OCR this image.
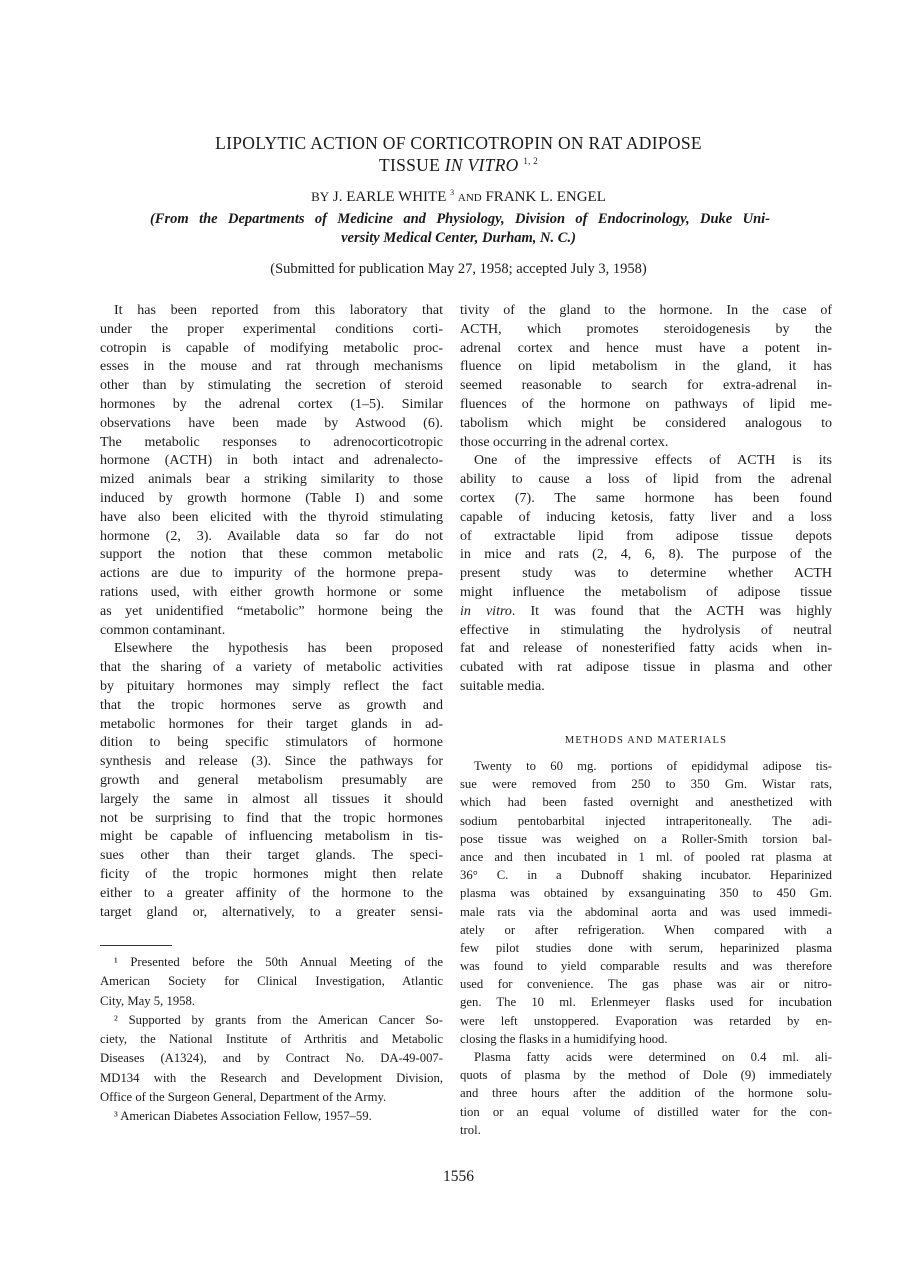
LIPOLYTIC ACTION OF CORTICOTROPIN ON RAT ADIPOSE
TISSUE IN VITRO $^{1, 2}$
BY J. EARLE WHITE $^3$ AND FRANK L. ENGEL
(From the Departments of Medicine and Physiology, Division of Endocrinology, Duke Uni-
versity Medical Center, Durham, N. C.)
(Submitted for publication May 27, 1958; accepted July 3, 1958)
It has been reported from this laboratory that
under the proper experimental conditions corti-
cotropin is capable of modifying metabolic proc-
esses in the mouse and rat through mechanisms
other than by stimulating the secretion of steroid
hormones by the adrenal cortex (1–5). Similar
observations have been made by Astwood (6).
The metabolic responses to adrenocorticotropic
hormone (ACTH) in both intact and adrenalecto-
mized animals bear a striking similarity to those
induced by growth hormone (Table I) and some
have also been elicited with the thyroid stimulating
hormone (2, 3). Available data so far do not
support the notion that these common metabolic
actions are due to impurity of the hormone prepa-
rations used, with either growth hormone or some
as yet unidentified “metabolic” hormone being the
common contaminant.
Elsewhere the hypothesis has been proposed
that the sharing of a variety of metabolic activities
by pituitary hormones may simply reflect the fact
that the tropic hormones serve as growth and
metabolic hormones for their target glands in ad-
dition to being specific stimulators of hormone
synthesis and release (3). Since the pathways for
growth and general metabolism presumably are
largely the same in almost all tissues it should
not be surprising to find that the tropic hormones
might be capable of influencing metabolism in tis-
sues other than their target glands. The speci-
ficity of the tropic hormones might then relate
either to a greater affinity of the hormone to the
target gland or, alternatively, to a greater sensi-
tivity of the gland to the hormone. In the case of
ACTH, which promotes steroidogenesis by the
adrenal cortex and hence must have a potent in-
fluence on lipid metabolism in the gland, it has
seemed reasonable to search for extra-adrenal in-
fluences of the hormone on pathways of lipid me-
tabolism which might be considered analogous to
those occurring in the adrenal cortex.
One of the impressive effects of ACTH is its
ability to cause a loss of lipid from the adrenal
cortex (7). The same hormone has been found
capable of inducing ketosis, fatty liver and a loss
of extractable lipid from adipose tissue depots
in mice and rats (2, 4, 6, 8). The purpose of the
present study was to determine whether ACTH
might influence the metabolism of adipose tissue
in vitro. It was found that the ACTH was highly
effective in stimulating the hydrolysis of neutral
fat and release of nonesterified fatty acids when in-
cubated with rat adipose tissue in plasma and other
suitable media.
METHODS AND MATERIALS
Twenty to 60 mg. portions of epididymal adipose tis-
sue were removed from 250 to 350 Gm. Wistar rats,
which had been fasted overnight and anesthetized with
sodium pentobarbital injected intraperitoneally. The adi-
pose tissue was weighed on a Roller-Smith torsion bal-
ance and then incubated in 1 ml. of pooled rat plasma at
36° C. in a Dubnoff shaking incubator. Heparinized
plasma was obtained by exsanguinating 350 to 450 Gm.
male rats via the abdominal aorta and was used immedi-
ately or after refrigeration. When compared with a
few pilot studies done with serum, heparinized plasma
was found to yield comparable results and was therefore
used for convenience. The gas phase was air or nitro-
gen. The 10 ml. Erlenmeyer flasks used for incubation
were left unstoppered. Evaporation was retarded by en-
closing the flasks in a humidifying hood.
Plasma fatty acids were determined on 0.4 ml. ali-
quots of plasma by the method of Dole (9) immediately
and three hours after the addition of the hormone solu-
tion or an equal volume of distilled water for the con-
trol.
¹ Presented before the 50th Annual Meeting of the
American Society for Clinical Investigation, Atlantic
City, May 5, 1958.
² Supported by grants from the American Cancer So-
ciety, the National Institute of Arthritis and Metabolic
Diseases (A1324), and by Contract No. DA-49-007-
MD134 with the Research and Development Division,
Office of the Surgeon General, Department of the Army.
³ American Diabetes Association Fellow, 1957–59.
1556
